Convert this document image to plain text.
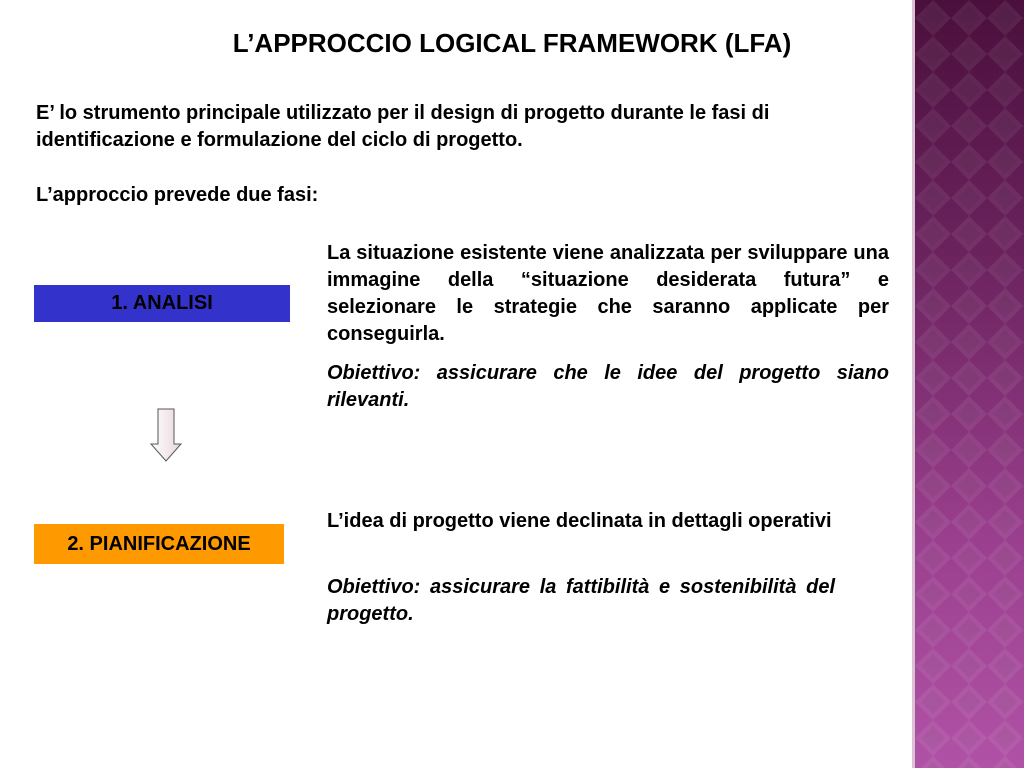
L’APPROCCIO LOGICAL FRAMEWORK (LFA)

E’ lo strumento principale utilizzato per il design di progetto durante le fasi di identificazione e formulazione del ciclo di progetto.

L’approccio prevede due fasi:

1. ANALISI

La situazione esistente viene analizzata per sviluppare una immagine della “situazione desiderata futura” e selezionare le strategie che saranno applicate per conseguirla.

Obiettivo: assicurare che le idee del progetto siano rilevanti.

2. PIANIFICAZIONE

L’idea di progetto viene declinata in dettagli operativi

Obiettivo: assicurare la fattibilità e sostenibilità del progetto.
